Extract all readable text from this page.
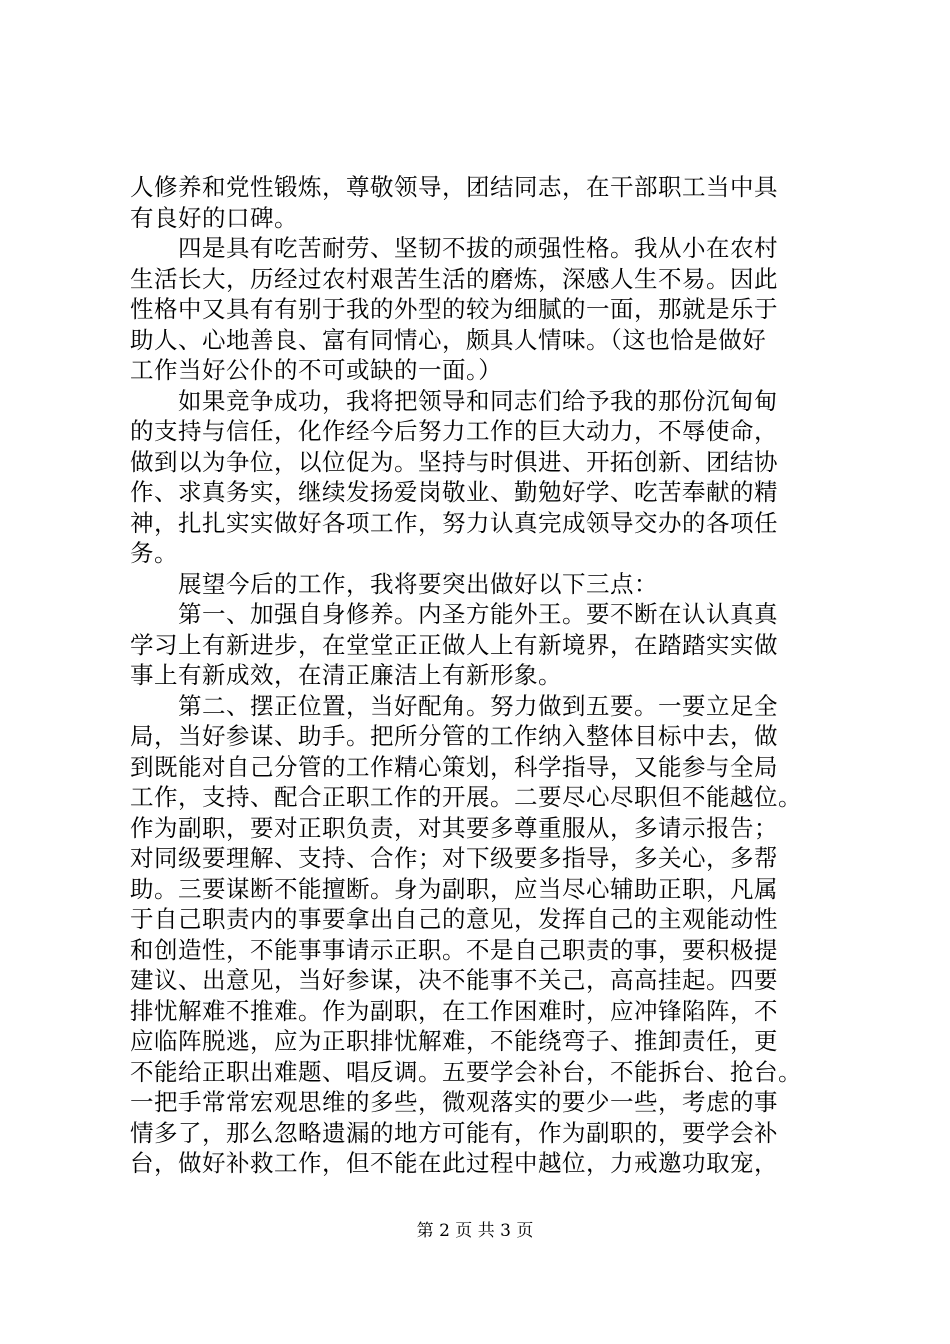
人修养和党性锻炼，尊敬领导，团结同志，在干部职工当中具
有良好的口碑。
　　四是具有吃苦耐劳、坚韧不拔的顽强性格。我从小在农村
生活长大，历经过农村艰苦生活的磨炼，深感人生不易。因此
性格中又具有有别于我的外型的较为细腻的一面，那就是乐于
助人、心地善良、富有同情心，颇具人情味。（这也恰是做好
工作当好公仆的不可或缺的一面。）
　　如果竞争成功，我将把领导和同志们给予我的那份沉甸甸
的支持与信任，化作经今后努力工作的巨大动力，不辱使命，
做到以为争位，以位促为。坚持与时俱进、开拓创新、团结协
作、求真务实，继续发扬爱岗敬业、勤勉好学、吃苦奉献的精
神，扎扎实实做好各项工作，努力认真完成领导交办的各项任
务。
　　展望今后的工作，我将要突出做好以下三点：
　　第一、加强自身修养。内圣方能外王。要不断在认认真真
学习上有新进步，在堂堂正正做人上有新境界，在踏踏实实做
事上有新成效，在清正廉洁上有新形象。
　　第二、摆正位置，当好配角。努力做到五要。一要立足全
局，当好参谋、助手。把所分管的工作纳入整体目标中去，做
到既能对自己分管的工作精心策划，科学指导，又能参与全局
工作，支持、配合正职工作的开展。二要尽心尽职但不能越位。
作为副职，要对正职负责，对其要多尊重服从，多请示报告；
对同级要理解、支持、合作；对下级要多指导，多关心，多帮
助。三要谋断不能擅断。身为副职，应当尽心辅助正职，凡属
于自己职责内的事要拿出自己的意见，发挥自己的主观能动性
和创造性，不能事事请示正职。不是自己职责的事，要积极提
建议、出意见，当好参谋，决不能事不关己，高高挂起。四要
排忧解难不推难。作为副职，在工作困难时，应冲锋陷阵，不
应临阵脱逃，应为正职排忧解难，不能绕弯子、推卸责任，更
不能给正职出难题、唱反调。五要学会补台，不能拆台、抢台。
一把手常常宏观思维的多些，微观落实的要少一些，考虑的事
情多了，那么忽略遗漏的地方可能有，作为副职的，要学会补
台，做好补救工作，但不能在此过程中越位，力戒邀功取宠，
第 2 页 共 3 页
